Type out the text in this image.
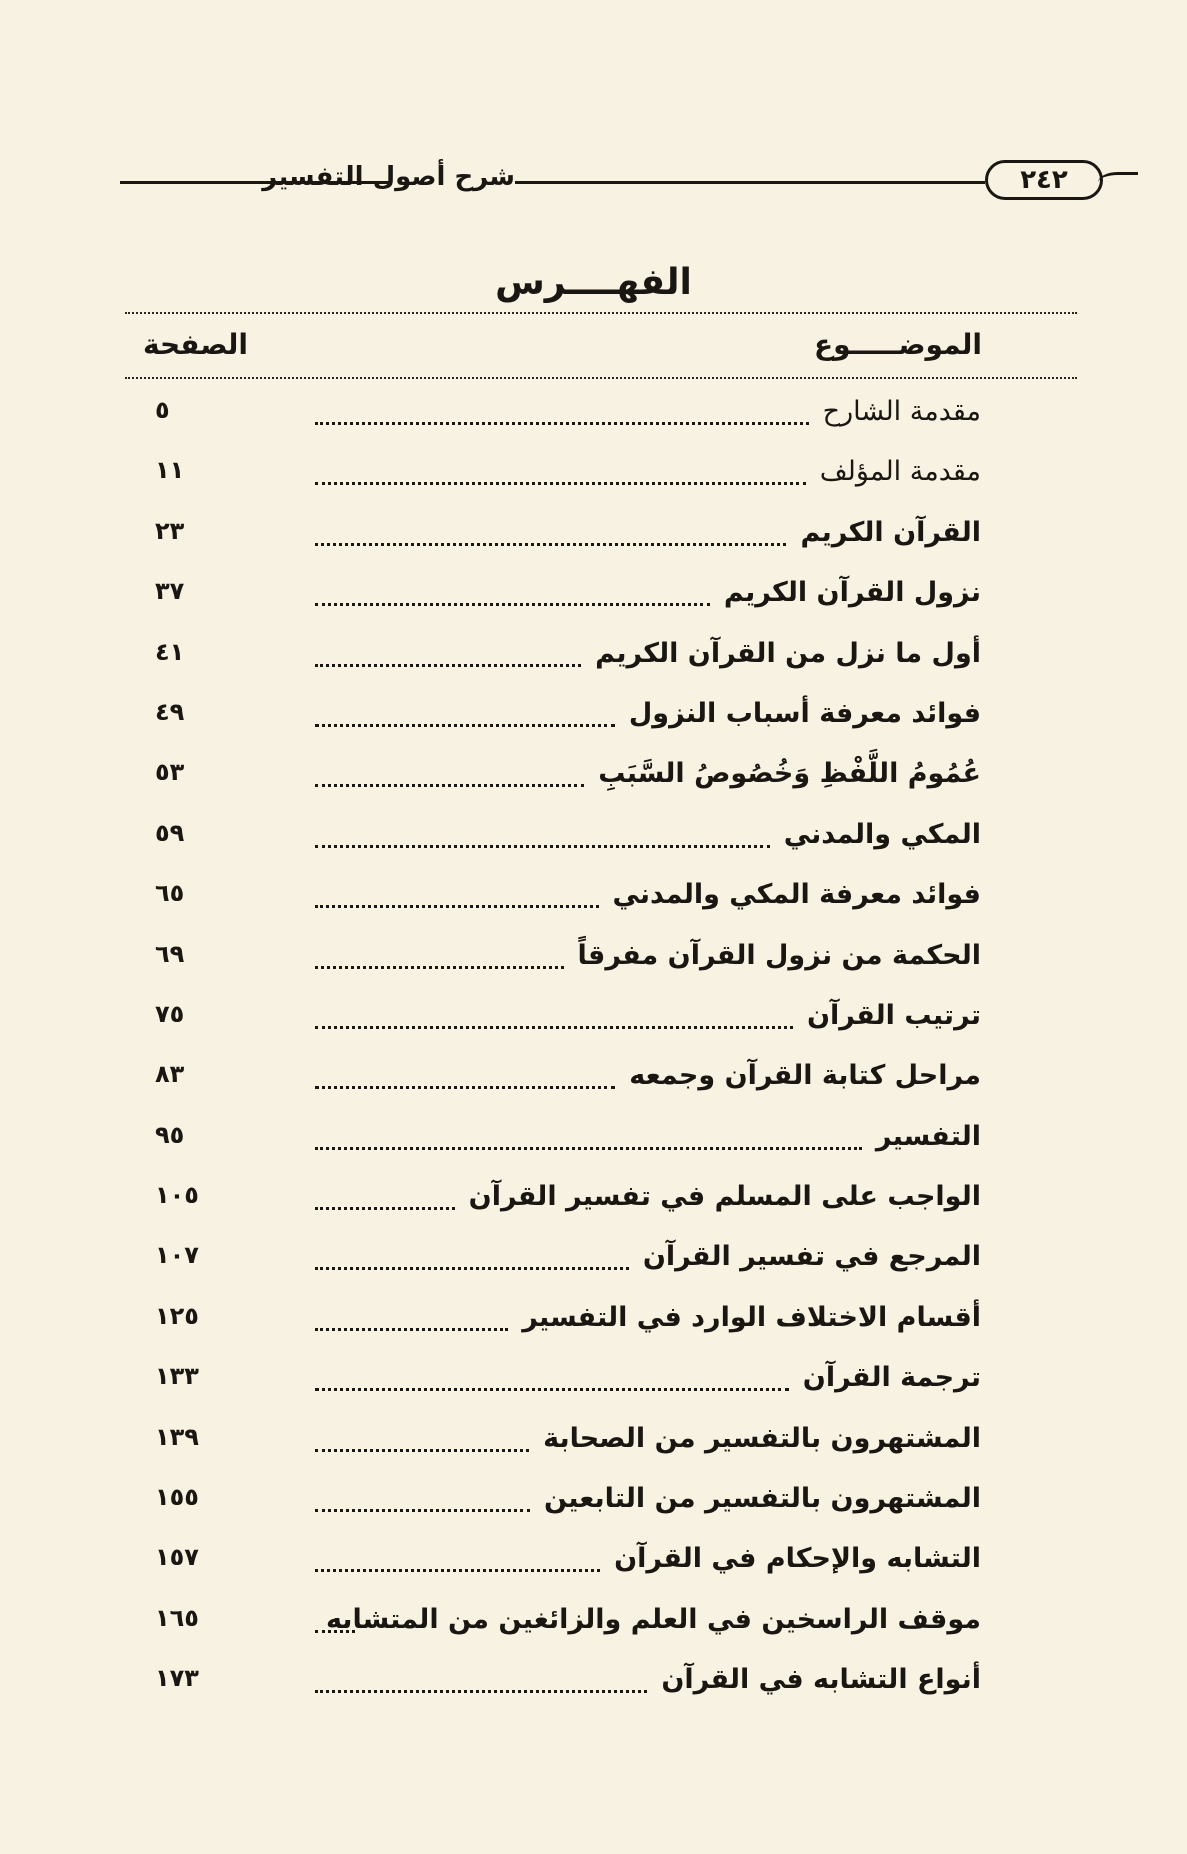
شرح أصول التفسير	٢٤٢
الفهــــرس
الموضـــــوع
الصفحة
مقدمة الشارح
٥
مقدمة المؤلف
١١
القرآن الكريم
٢٣
نزول القرآن الكريم
٣٧
أول ما نزل من القرآن الكريم
٤١
فوائد معرفة أسباب النزول
٤٩
عُمُومُ اللَّفْظِ وَخُصُوصُ السَّبَبِ
٥٣
المكي والمدني
٥٩
فوائد معرفة المكي والمدني
٦٥
الحكمة من نزول القرآن مفرقاً
٦٩
ترتيب القرآن
٧٥
مراحل كتابة القرآن وجمعه
٨٣
التفسير
٩٥
الواجب على المسلم في تفسير القرآن
١٠٥
المرجع في تفسير القرآن
١٠٧
أقسام الاختلاف الوارد في التفسير
١٢٥
ترجمة القرآن
١٣٣
المشتهرون بالتفسير من الصحابة
١٣٩
المشتهرون بالتفسير من التابعين
١٥٥
التشابه والإحكام في القرآن
١٥٧
موقف الراسخين في العلم والزائغين من المتشابه
١٦٥
أنواع التشابه في القرآن
١٧٣
